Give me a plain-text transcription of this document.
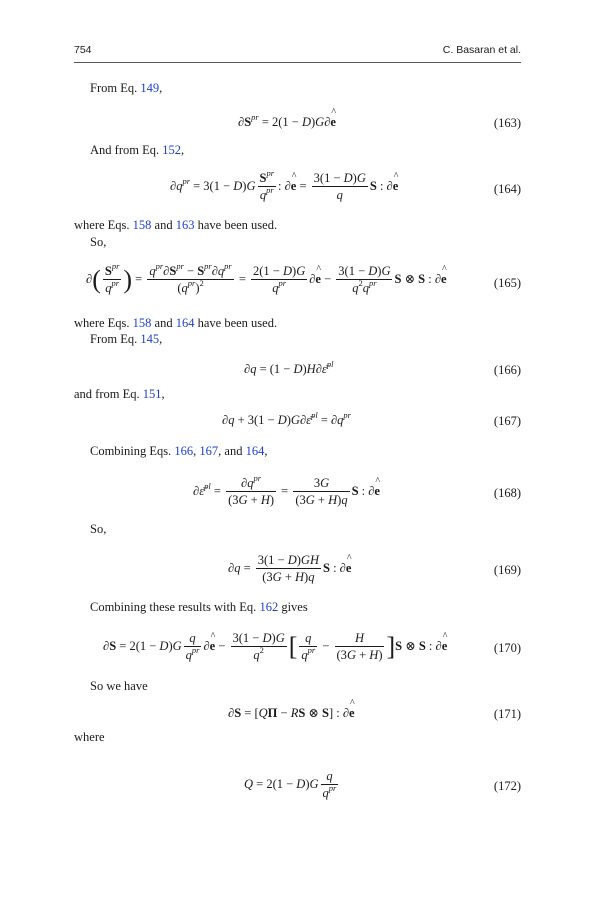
754	C. Basaran et al.
From Eq. 149,
$\partial S^{pr} = 2(1$ − D)G∂^ e	(163)
And from Eq. 152,
$\partial q^{pr} = 3(1 - D)G$
$S^{pr}$
$q^{pr}$ : ∂^ $e = \frac{3(1 - D)G}{q}$ S : ∂^ e	(164)
where Eqs. 158 and 163 have been used.
So,
∂( $S^{pr}$
$q^{pr}$ ) =
$q^{pr}\partial S^{pr} - S^{pr}\partial q^{pr}$
$(q^{pr})^2$	=
2(1 − D)G
$q^{pr}$	∂^ e −
3(1 − D)G
$q^2q^{pr}$	S ⊗ S : ∂^ e	(165)
where Eqs. 158 and 164 have been used.
From Eq. 145,
∂q = (1 − D)H∂ε̄$^{pl}$	(166)
and from Eq. 151,
∂q + 3(1 − D)G∂ε̄$^{pl}$ = $\partial q^{pr}$	(167)
Combining Eqs. 166, 167, and 164,
∂ε̄$^{pl}$ =
$\partial q^{pr}$
(3G + H)
= $\frac{3G}{(3G + H)q}$ S : ∂^ e	(168)
So,
$\partial q = \frac{3(1 - D)GH}{(3G + H)q}$ S : ∂^ e	(169)
Combining these results with Eq. 162 gives
∂S = 2(1 − D)G
q
$q^{pr}$ ∂^ $e - \frac{3(1 - D)G}{q^2}$ [ q
$q^{pr} - \frac{H}{(3G + H)} ]S$ ⊗ S : ∂^ e	(170)
So we have
∂S = [QΠ − RS ⊗ S] : ∂^ e	(171)
where
Q = 2(1 − D)G
q
$q^{pr}$	(172)
